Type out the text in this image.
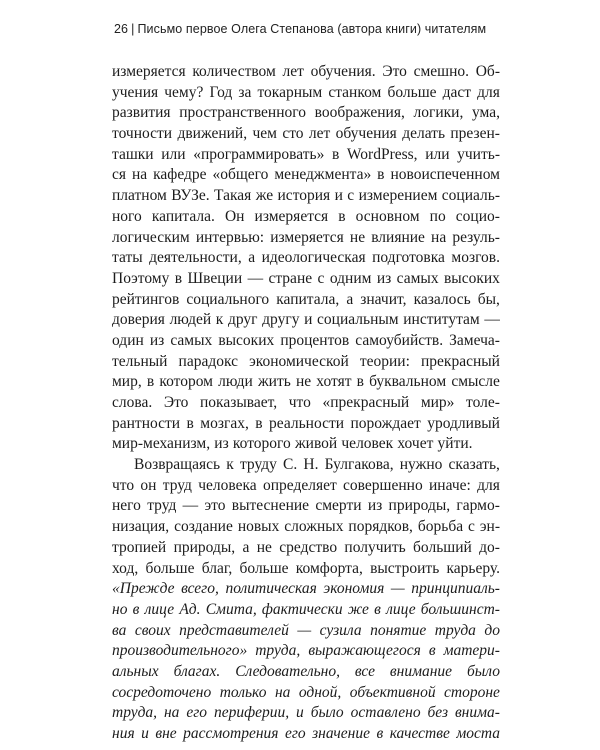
26 | Письмо первое Олега Степанова (автора книги) читателям
измеряется количеством лет обучения. Это смешно. Об-
учения чему? Год за токарным станком больше даст для
развития пространственного воображения, логики, ума,
точности движений, чем сто лет обучения делать презен-
ташки или «программировать» в WordPress, или учить-
ся на кафедре «общего менеджмента» в новоиспеченном
платном ВУЗе. Такая же история и с измерением социаль-
ного капитала. Он измеряется в основном по социо-
логическим интервью: измеряется не влияние на резуль-
таты деятельности, а идеологическая подготовка мозгов.
Поэтому в Швеции — стране с одним из самых высоких
рейтингов социального капитала, а значит, казалось бы,
доверия людей к друг другу и социальным институтам —
один из самых высоких процентов самоубийств. Замеча-
тельный парадокс экономической теории: прекрасный
мир, в котором люди жить не хотят в буквальном смысле
слова. Это показывает, что «прекрасный мир» толе-
рантности в мозгах, в реальности порождает уродливый
мир-механизм, из которого живой человек хочет уйти.
Возвращаясь к труду С. Н. Булгакова, нужно сказать,
что он труд человека определяет совершенно иначе: для
него труд — это вытеснение смерти из природы, гармо-
низация, создание новых сложных порядков, борьба с эн-
тропией природы, а не средство получить больший до-
ход, больше благ, больше комфорта, выстроить карьеру.
«Прежде всего, политическая экономия — принципиаль-
но в лице Ад. Смита, фактически же в лице большинст-
ва своих представителей — сузила понятие труда до
производительного» труда, выражающегося в матери-
альных благах. Следовательно, все внимание было
сосредоточено только на одной, объективной стороне
труда, на его периферии, и было оставлено без внима-
ния и вне рассмотрения его значение в качестве моста
